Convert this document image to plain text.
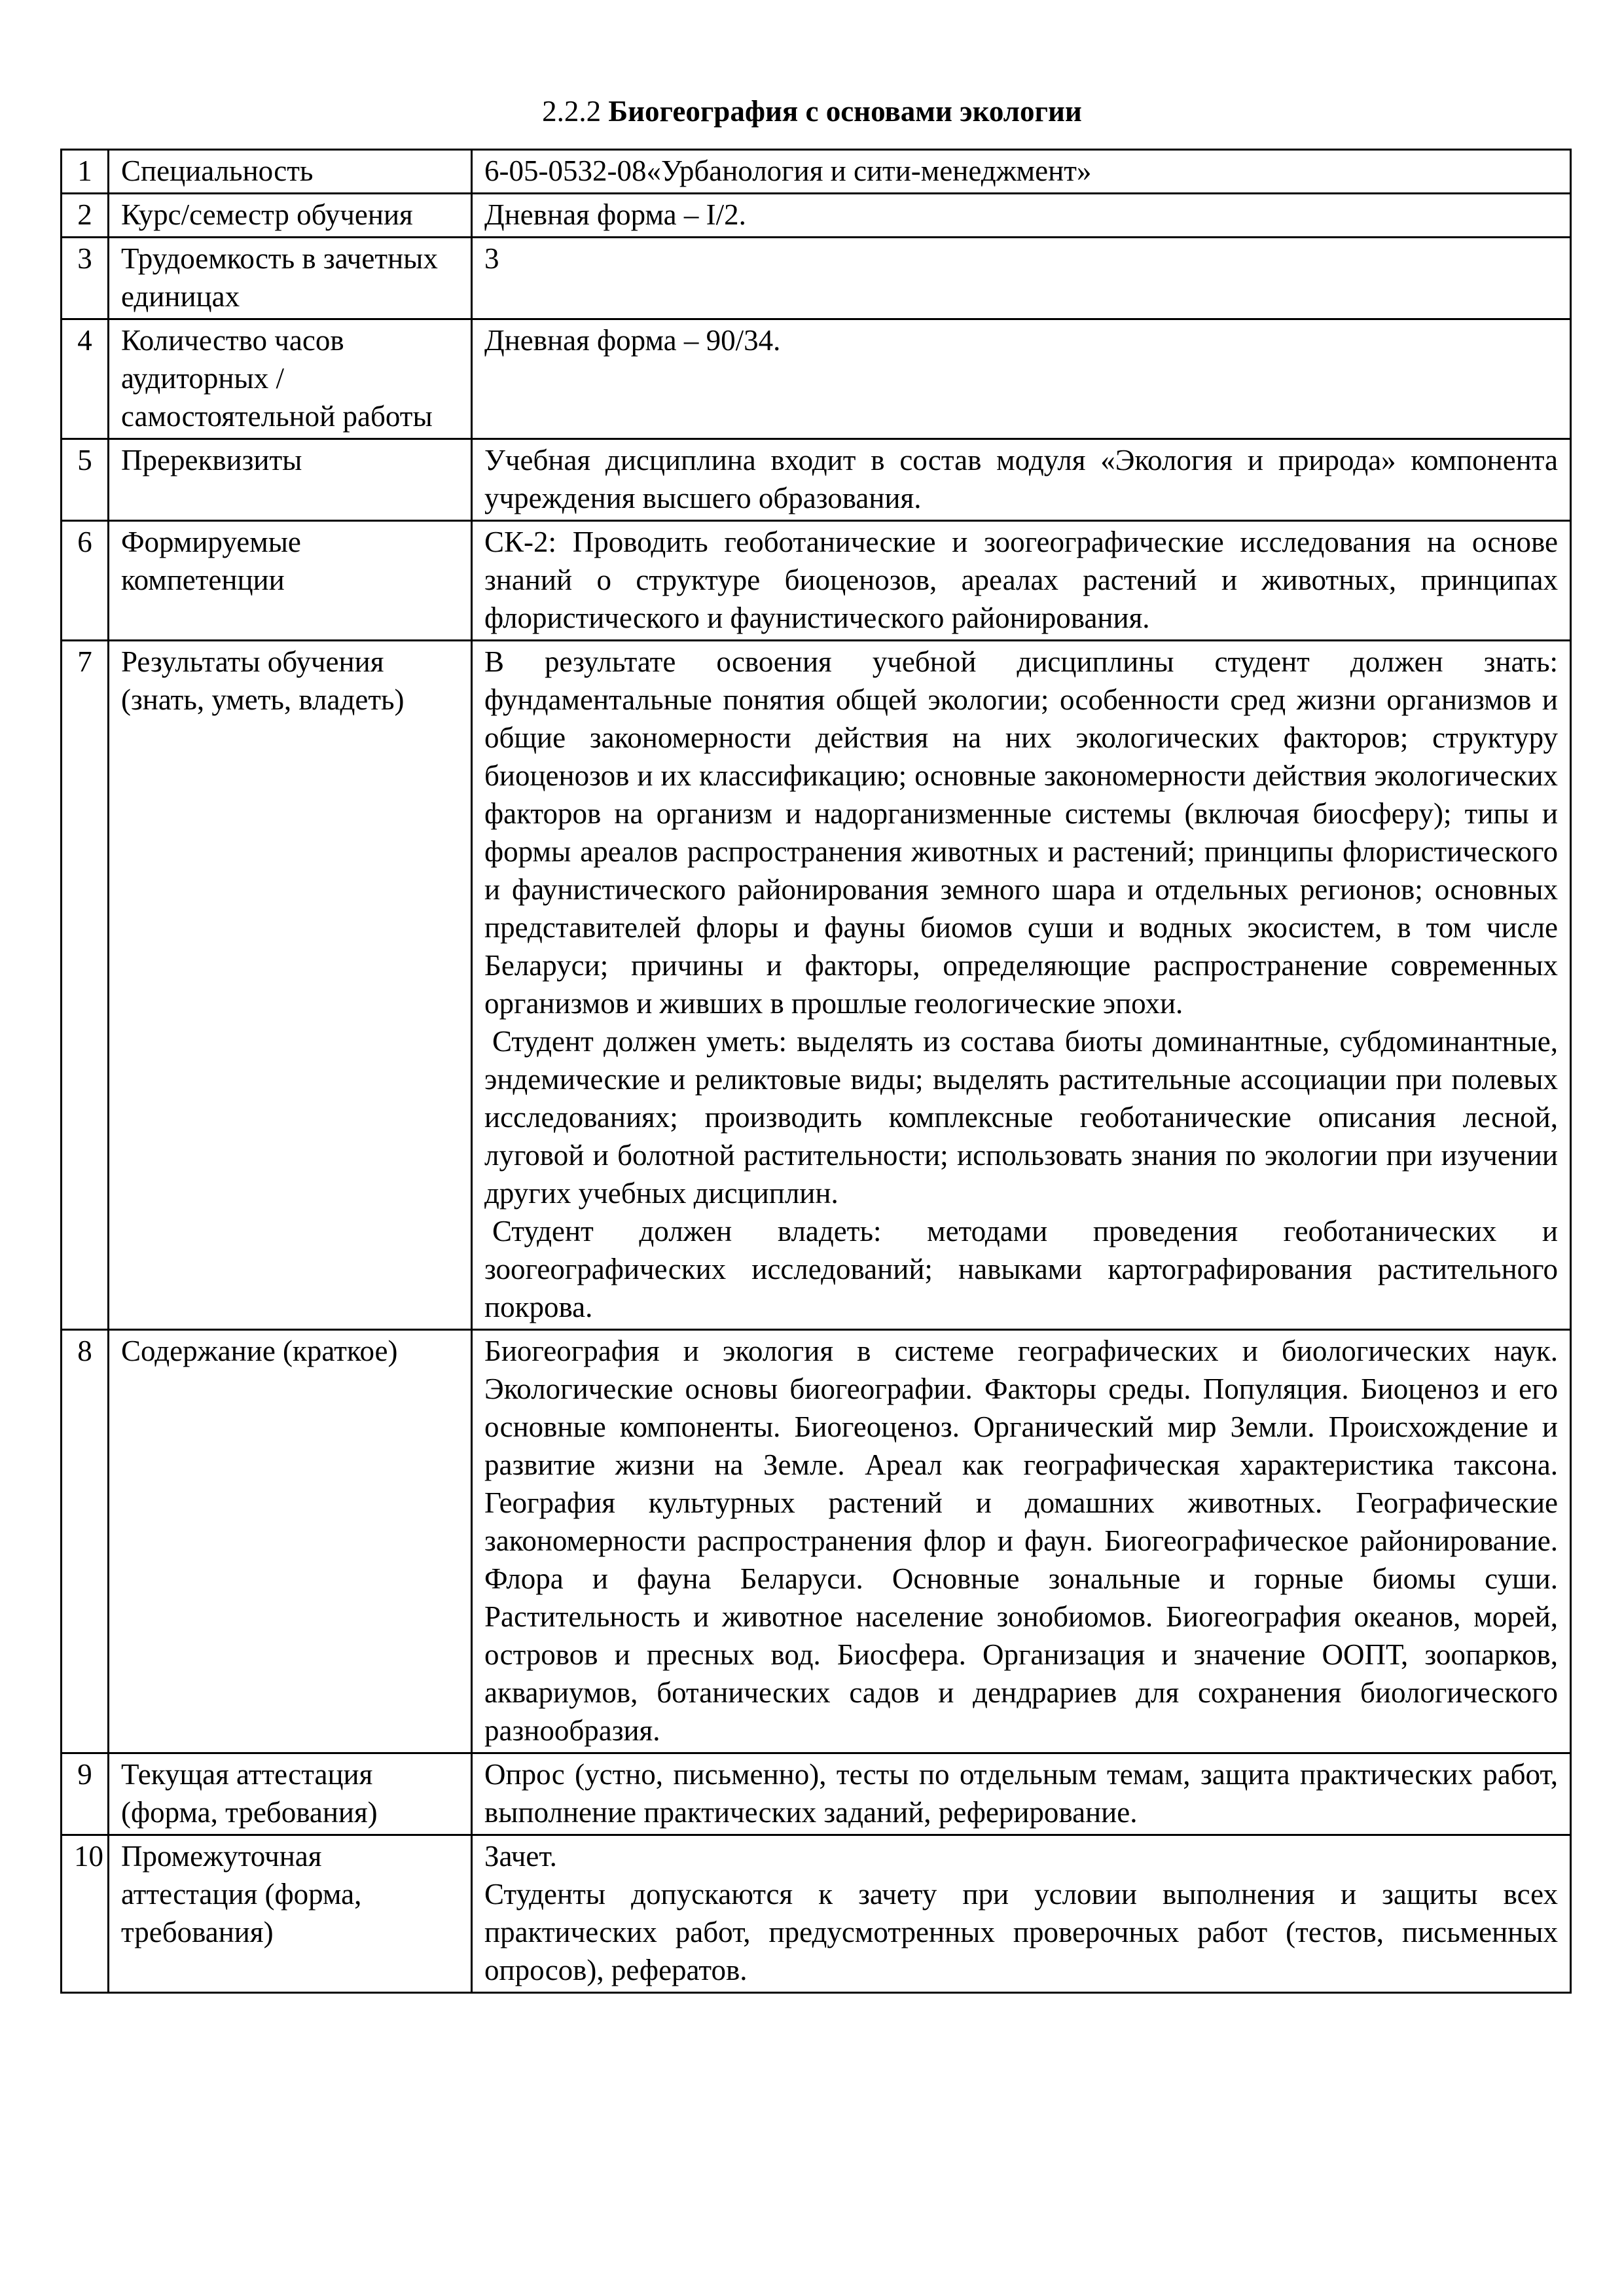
2.2.2 Биогеография с основами экологии
1	Специальность	6-05-0532-08«Урбанология и сити-менеджмент»

2	Курс/семестр обучения	Дневная форма – I/2.

3	Трудоемкость в зачетных единицах	3

4	Количество часов аудиторных / самостоятельной работы	Дневная форма – 90/34.

5	Пререквизиты	Учебная дисциплина входит в состав модуля «Экология и природа» компонента учреждения высшего образования.

6	Формируемые компетенции	СК-2: Проводить геоботанические и зоогеографические исследования на основе знаний о структуре биоценозов, ареалах растений и животных, принципах флористического и фаунистического районирования.

7	Результаты обучения (знать, уметь, владеть)	В результате освоения учебной дисциплины студент должен знать: фундаментальные понятия общей экологии; особенности сред жизни организмов и общие закономерности действия на них экологических факторов; структуру биоценозов и их классификацию; основные закономерности действия экологических факторов на организм и надорганизменные системы (включая биосферу); типы и формы ареалов распространения животных и растений; принципы флористического и фаунистического районирования земного шара и отдельных регионов; основных представителей флоры и фауны биомов суши и водных экосистем, в том числе Беларуси; причины и факторы, определяющие распространение современных организмов и живших в прошлые геологические эпохи.
Студент должен уметь: выделять из состава биоты доминантные, субдоминантные, эндемические и реликтовые виды; выделять растительные ассоциации при полевых исследованиях; производить комплексные геоботанические описания лесной, луговой и болотной растительности; использовать знания по экологии при изучении других учебных дисциплин.
Студент должен владеть: методами проведения геоботанических и зоогеографических исследований; навыками картографирования растительного покрова.

8	Содержание (краткое)	Биогеография и экология в системе географических и биологических наук. Экологические основы биогеографии. Факторы среды. Популяция. Биоценоз и его основные компоненты. Биогеоценоз. Органический мир Земли. Происхождение и развитие жизни на Земле. Ареал как географическая характеристика таксона. География культурных растений и домашних животных. Географические закономерности распространения флор и фаун. Биогеографическое районирование. Флора и фауна Беларуси. Основные зональные и горные биомы суши. Растительность и животное население зонобиомов. Биогеография океанов, морей, островов и пресных вод. Биосфера. Организация и значение ООПТ, зоопарков, аквариумов, ботанических садов и дендрариев для сохранения биологического разнообразия.

9	Текущая аттестация (форма, требования)	Опрос (устно, письменно), тесты по отдельным темам, защита практических работ, выполнение практических заданий, реферирование.

10	Промежуточная аттестация (форма, требования)	Зачет.
Студенты допускаются к зачету при условии выполнения и защиты всех практических работ, предусмотренных проверочных работ (тестов, письменных опросов), рефератов.
